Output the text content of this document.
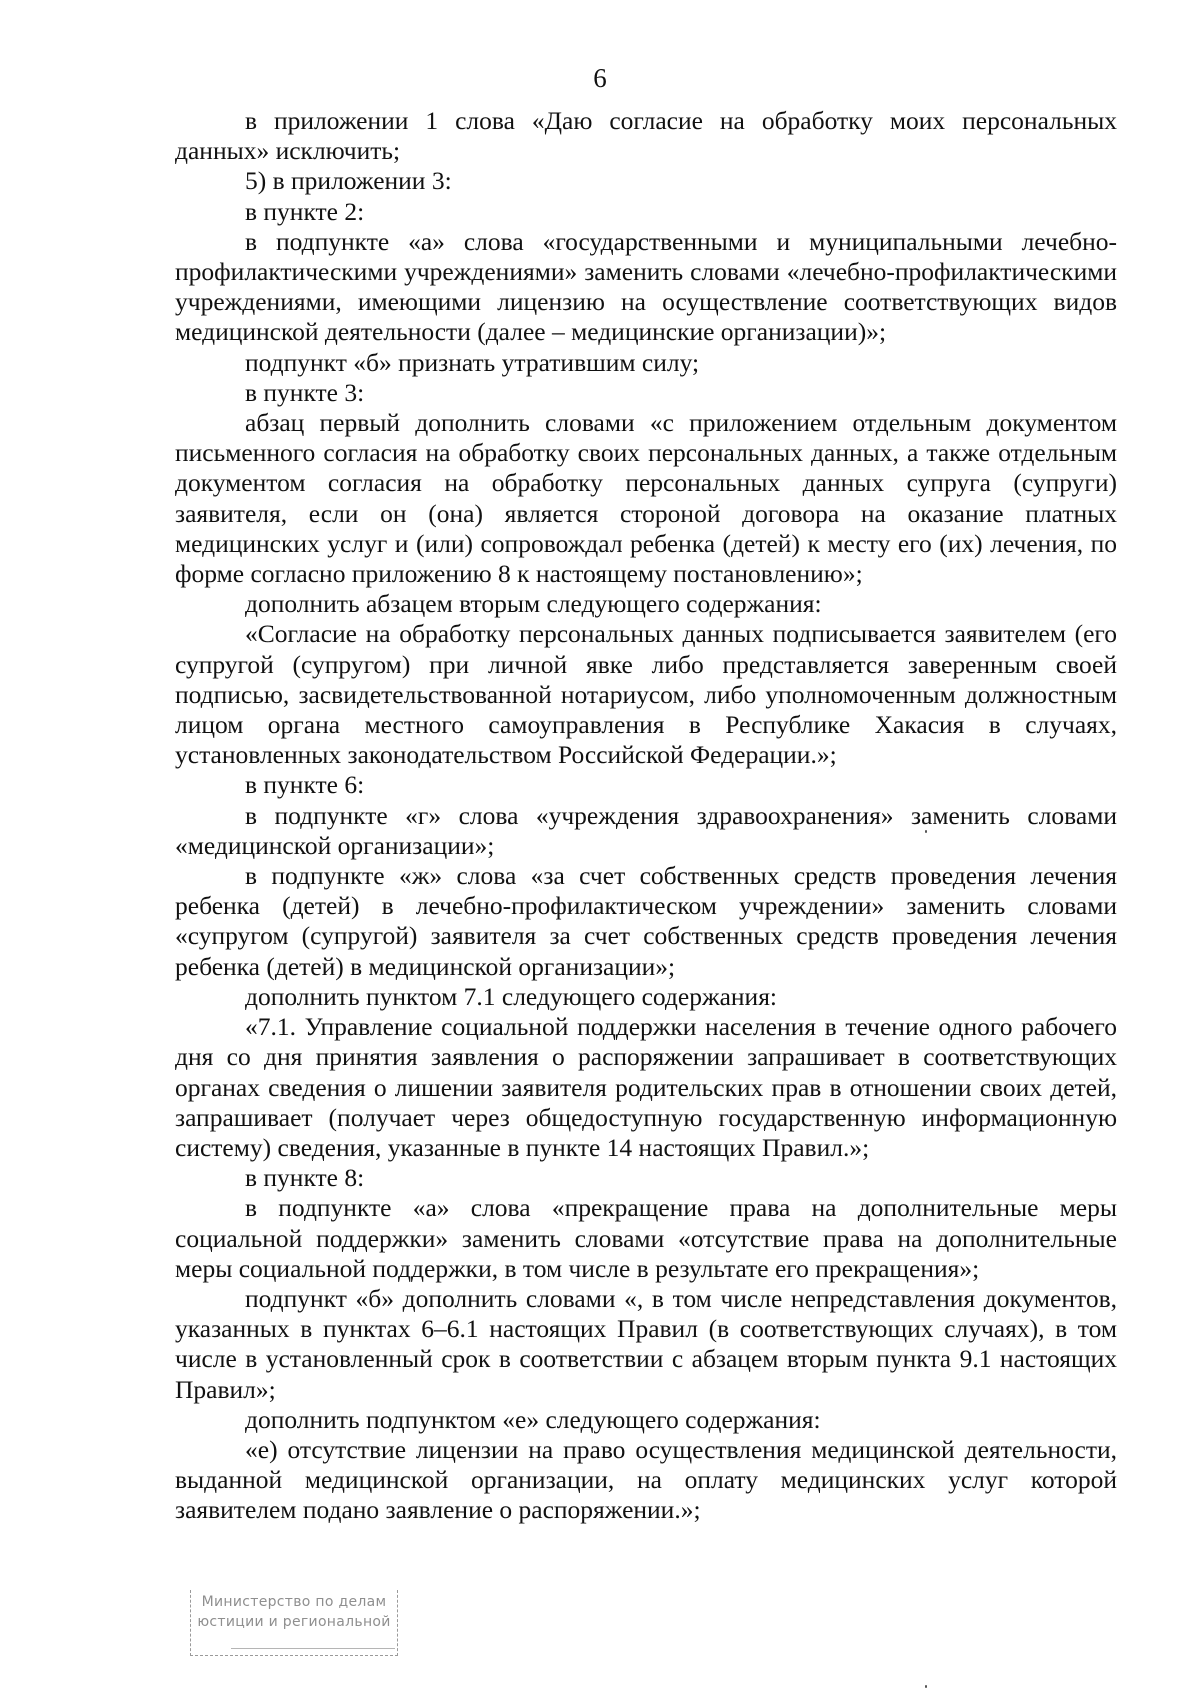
6

в приложении 1 слова «Даю согласие на обработку моих персональных данных» исключить;

5) в приложении 3:

в пункте 2:

в подпункте «а» слова «государственными и муниципальными лечебно-профилактическими учреждениями» заменить словами «лечебно-профилактическими учреждениями, имеющими лицензию на осуществление соответствующих видов медицинской деятельности (далее – медицинские организации)»;

подпункт «б» признать утратившим силу;

в пункте 3:

абзац первый дополнить словами «с приложением отдельным документом письменного согласия на обработку своих персональных данных, а также отдельным документом согласия на обработку персональных данных супруга (супруги) заявителя, если он (она) является стороной договора на оказание платных медицинских услуг и (или) сопровождал ребенка (детей) к месту его (их) лечения, по форме согласно приложению 8 к настоящему постановлению»;

дополнить абзацем вторым следующего содержания:

«Согласие на обработку персональных данных подписывается заявителем (его супругой (супругом) при личной явке либо представляется заверенным своей подписью, засвидетельствованной нотариусом, либо уполномоченным должностным лицом органа местного самоуправления в Республике Хакасия в случаях, установленных законодательством Российской Федерации.»;

в пункте 6:

в подпункте «г» слова «учреждения здравоохранения» заменить словами «медицинской организации»;

в подпункте «ж» слова «за счет собственных средств проведения лечения ребенка (детей) в лечебно-профилактическом учреждении» заменить словами «супругом (супругой) заявителя за счет собственных средств проведения лечения ребенка (детей) в медицинской организации»;

дополнить пунктом 7.1 следующего содержания:

«7.1. Управление социальной поддержки населения в течение одного рабочего дня со дня принятия заявления о распоряжении запрашивает в соответствующих органах сведения о лишении заявителя родительских прав в отношении своих детей, запрашивает (получает через общедоступную государственную информационную систему) сведения, указанные в пункте 14 настоящих Правил.»;

в пункте 8:

в подпункте «а» слова «прекращение права на дополнительные меры социальной поддержки» заменить словами «отсутствие права на дополнительные меры социальной поддержки, в том числе в результате его прекращения»;

подпункт «б» дополнить словами «, в том числе непредставления документов, указанных в пунктах 6–6.1 настоящих Правил (в соответствующих случаях), в том числе в установленный срок в соответствии с абзацем вторым пункта 9.1 настоящих Правил»;

дополнить подпунктом «е» следующего содержания:

«е) отсутствие лицензии на право осуществления медицинской деятельности, выданной медицинской организации, на оплату медицинских услуг которой заявителем подано заявление о распоряжении.»;

Министерство по делам
юстиции и региональной
